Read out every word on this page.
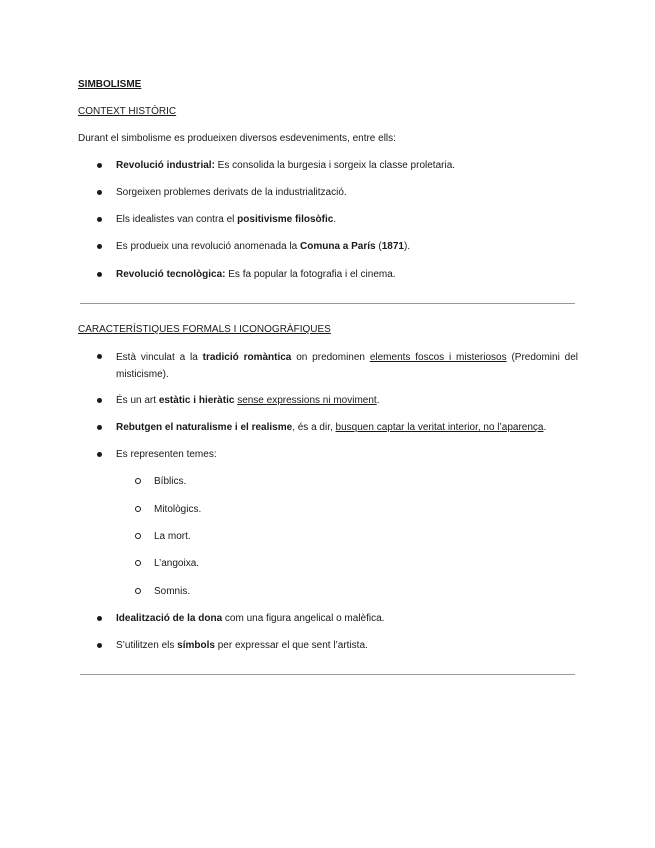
SIMBOLISME
CONTEXT HISTÒRIC
Durant el simbolisme es produeixen diversos esdeveniments, entre ells:
Revolució industrial: Es consolida la burgesia i sorgeix la classe proletaria.
Sorgeixen problemes derivats de la industrialització.
Els idealistes van contra el positivisme filosòfic.
Es produeix una revolució anomenada la Comuna a París (1871).
Revolució tecnològica: Es fa popular la fotografia i el cinema.
CARACTERÍSTIQUES FORMALS I ICONOGRÀFIQUES
Està vinculat a la tradició romàntica on predominen elements foscos i misteriosos (Predomini del misticisme).
És un art estàtic i hieràtic sense expressions ni moviment.
Rebutgen el naturalisme i el realisme, és a dir, busquen captar la veritat interior, no l’aparença.
Es representen temes:
Bíblics.
Mitològics.
La mort.
L’angoixa.
Somnis.
Idealització de la dona com una figura angelical o malèfica.
S’utilitzen els símbols per expressar el que sent l’artista.
